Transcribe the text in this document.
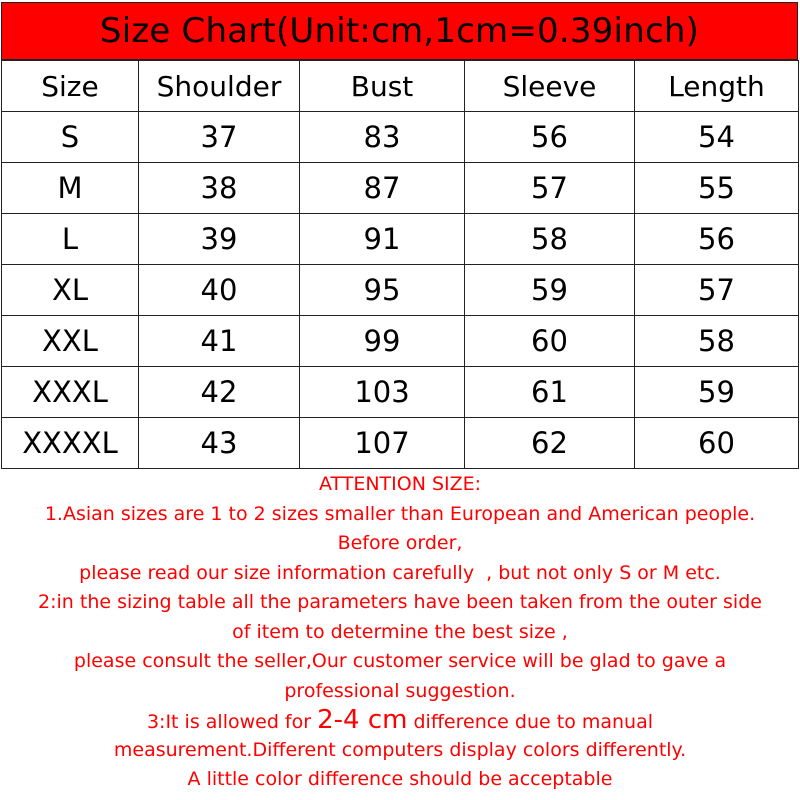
Size Chart(Unit:cm,1cm=0.39inch)
Size	Shoulder	Bust	Sleeve	Length
S	37	83	56	54
M	38	87	57	55
L	39	91	58	56
XL	40	95	59	57
XXL	41	99	60	58
XXXL	42	103	61	59
XXXXL	43	107	62	60
ATTENTION SIZE:
1.Asian sizes are 1 to 2 sizes smaller than European and American people.
Before order,
please read our size information carefully  , but not only S or M etc.
2:in the sizing table all the parameters have been taken from the outer side
of item to determine the best size ,
please consult the seller,Our customer service will be glad to gave a
professional suggestion.
3:It is allowed for 2-4 cm difference due to manual
measurement.Different computers display colors differently.
A little color difference should be acceptable
